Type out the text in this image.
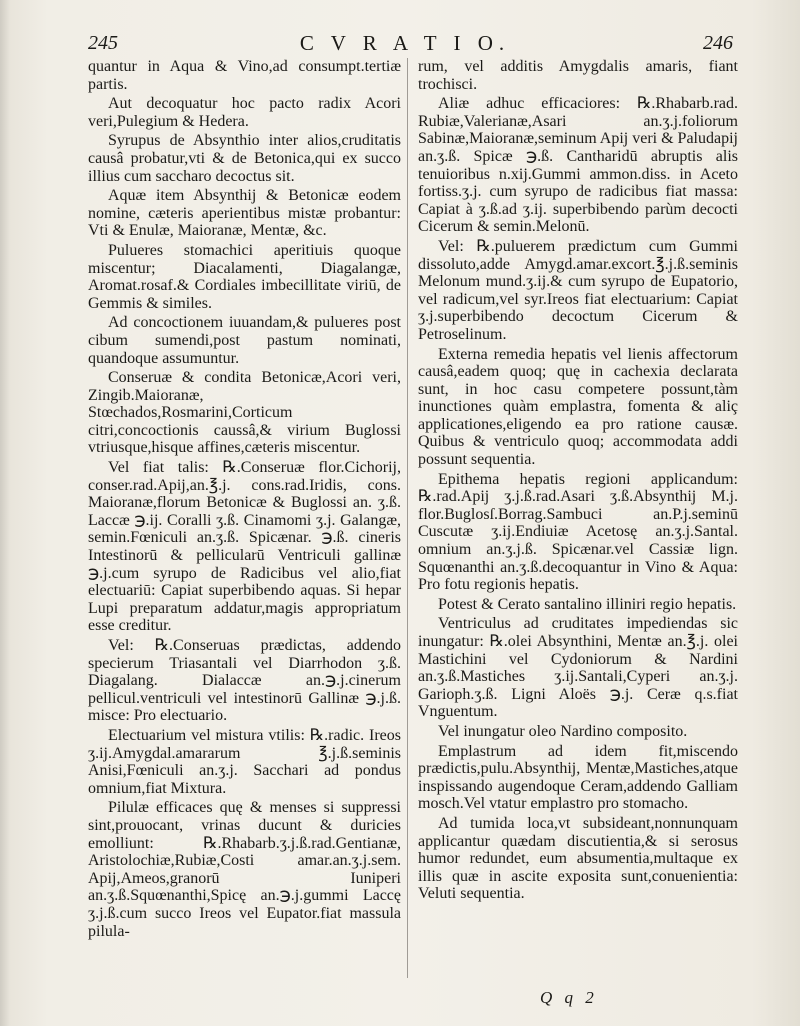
245	C V R A T I O.	246

quantur in Aqua & Vino,ad consumpt.tertiæ partis.

Aut decoquatur hoc pacto radix Acori veri,Pulegium & Hedera.

Syrupus de Absynthio inter alios,cruditatis causâ probatur,vti & de Betonica,qui ex succo illius cum saccharo decoctus sit.

Aquæ item Absynthij & Betonicæ eodem nomine, cæteris aperientibus mistæ probantur: Vti & Enulæ, Maioranæ, Mentæ, &c.

Pulueres stomachici aperitiuis quoque miscentur; Diacalamenti, Diagalangæ, Aromat.rosaf.& Cordiales imbecillitate viriū, de Gemmis & similes.

Ad concoctionem iuuandam,& pulueres post cibum sumendi,post pastum nominati, quandoque assumuntur.

Conseruæ & condita Betonicæ,Acori veri, Zingib.Maioranæ, Stœchados,Rosmarini,Corticum citri,concoctionis caussâ,& virium Buglossi vtriusque,hisque affines,cæteris miscentur.

Vel fiat talis: ℞.Conseruæ flor.Cichorij, conser.rad.Apij,an.℥.j. cons.rad.Iridis, cons. Maioranæ,florum Betonicæ & Buglossi an. ʒ.ß. Laccæ ℈.ij. Coralli ʒ.ß. Cinamomi ʒ.j. Galangæ, semin.Fœniculi an.ʒ.ß. Spicænar. ℈.ß. cineris Intestinorū & pellicularū Ventriculi gallinæ ℈.j.cum syrupo de Radicibus vel alio,fiat electuariū: Capiat superbibendo aquas. Si hepar Lupi preparatum addatur,magis appropriatum esse creditur.

Vel: ℞.Conseruas prædictas, addendo specierum Triasantali vel Diarrhodon ʒ.ß. Diagalang. Dialaccæ an.℈.j.cinerum pellicul.ventriculi vel intestinorū Gallinæ ℈.j.ß. misce: Pro electuario.

Electuarium vel mistura vtilis: ℞.radic. Ireos ʒ.ij.Amygdal.amararum ℥.j.ß.seminis Anisi,Fœniculi an.ʒ.j. Sacchari ad pondus omnium,fiat Mixtura.

Pilulæ efficaces quę & menses si suppressi sint,prouocant, vrinas ducunt & duricies emolliunt: ℞.Rhabarb.ʒ.j.ß.rad.Gentianæ, Aristolochiæ,Rubiæ,Costi amar.an.ʒ.j.sem. Apij,Ameos,granorū Iuniperi an.ʒ.ß.Squœnanthi,Spicę an.℈.j.gummi Laccę ʒ.j.ß.cum succo Ireos vel Eupator.fiat massula pilula-

rum, vel additis Amygdalis amaris, fiant trochisci.

Aliæ adhuc efficaciores: ℞.Rhabarb.rad. Rubiæ,Valerianæ,Asari an.ʒ.j.foliorum Sabinæ,Maioranæ,seminum Apij veri & Paludapij an.ʒ.ß. Spicæ ℈.ß. Cantharidū abruptis alis tenuioribus n.xij.Gummi ammon.diss. in Aceto fortiss.ʒ.j. cum syrupo de radicibus fiat massa: Capiat à ʒ.ß.ad ʒ.ij. superbibendo parùm decocti Cicerum & semin.Melonū.

Vel: ℞.puluerem prædictum cum Gummi dissoluto,adde Amygd.amar.excort.℥.j.ß.seminis Melonum mund.ʒ.ij.& cum syrupo de Eupatorio, vel radicum,vel syr.Ireos fiat electuarium: Capiat ʒ.j.superbibendo decoctum Cicerum & Petroselinum.

Externa remedia hepatis vel lienis affectorum causâ,eadem quoq; quę in cachexia declarata sunt, in hoc casu competere possunt,tàm inunctiones quàm emplastra, fomenta & aliç applicationes,eligendo ea pro ratione causæ. Quibus & ventriculo quoq; accommodata addi possunt sequentia.

Epithema hepatis regioni applicandum: ℞.rad.Apij ʒ.j.ß.rad.Asari ʒ.ß.Absynthij M.j. flor.Buglosſ.Borrag.Sambuci an.P.j.seminū Cuscutæ ʒ.ij.Endiuiæ Acetosę an.ʒ.j.Santal. omnium an.ʒ.j.ß. Spicænar.vel Cassiæ lign. Squœnanthi an.ʒ.ß.decoquantur in Vino & Aqua: Pro fotu regionis hepatis.

Potest & Cerato santalino illiniri regio hepatis.

Ventriculus ad cruditates impediendas sic inungatur: ℞.olei Absynthini, Mentæ an.℥.j. olei Mastichini vel Cydoniorum & Nardini an.ʒ.ß.Mastiches ʒ.ij.Santali,Cyperi an.ʒ.j. Garioph.ʒ.ß. Ligni Aloës ℈.j. Ceræ q.s.fiat Vnguentum.

Vel inungatur oleo Nardino composito.

Emplastrum ad idem fit,miscendo prædictis,pulu.Absynthij, Mentæ,Mastiches,atque inspissando augendoque Ceram,addendo Galliam mosch.Vel vtatur emplastro pro stomacho.

Ad tumida loca,vt subsideant,nonnunquam applicantur quædam discutientia,& si serosus humor redundet, eum absumentia,multaque ex illis quæ in ascite exposita sunt,conuenientia: Veluti sequentia.

Q q 2
